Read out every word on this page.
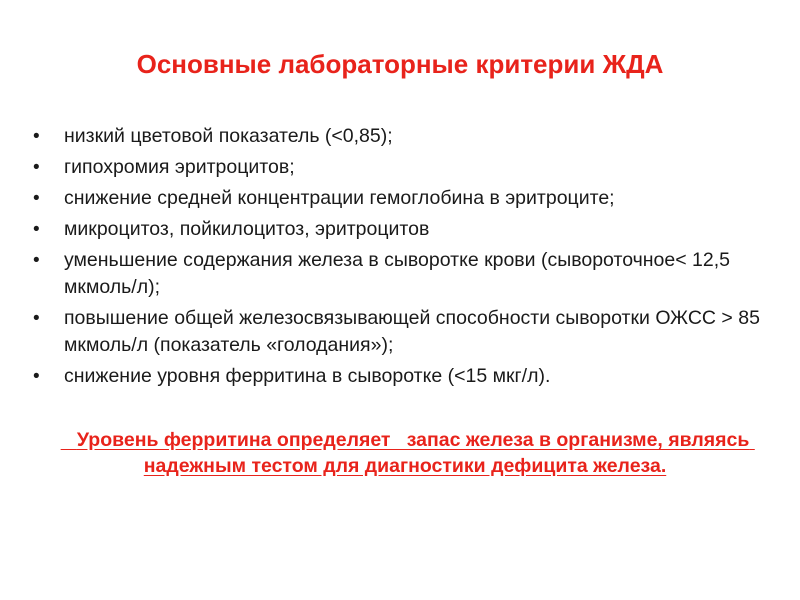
Основные лабораторные критерии ЖДА
• низкий цветовой показатель (<0,85);
• гипохромия эритроцитов;
• снижение средней концентрации гемоглобина в эритроците;
• микроцитоз, пойкилоцитоз, эритроцитов
• уменьшение содержания железа в сыворотке крови (сывороточное< 12,5 мкмоль/л);
• повышение общей железосвязывающей способности сыворотки ОЖСС > 85 мкмоль/л (показатель «голодания»);
• снижение уровня ферритина в сыворотке (<15 мкг/л).
Уровень ферритина определяет   запас железа в организме, являясь надежным тестом для диагностики дефицита железа.
